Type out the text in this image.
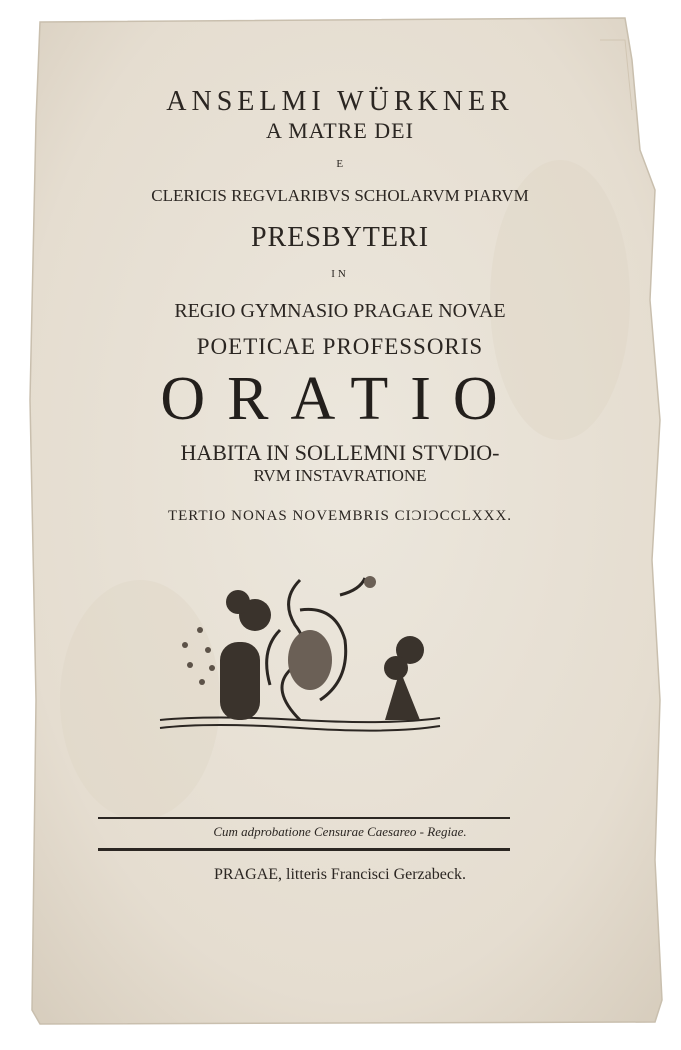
ANSELMI WÜRKNER
A MATRE DEI
E
CLERICIS REGVLARIBVS SCHOLARVM PIARVM
PRESBYTERI
IN
REGIO GYMNASIO PRAGAE NOVAE
POETICAE PROFESSORIS
ORATIO
HABITA IN SOLLEMNI STVDIO-
RVM INSTAVRATIONE
TERTIO NONAS NOVEMBRIS CIϽIϽCCLXXX.
Cum adprobatione Censurae Caesareo - Regiae.
PRAGAE, litteris Francisci Gerzabeck.
